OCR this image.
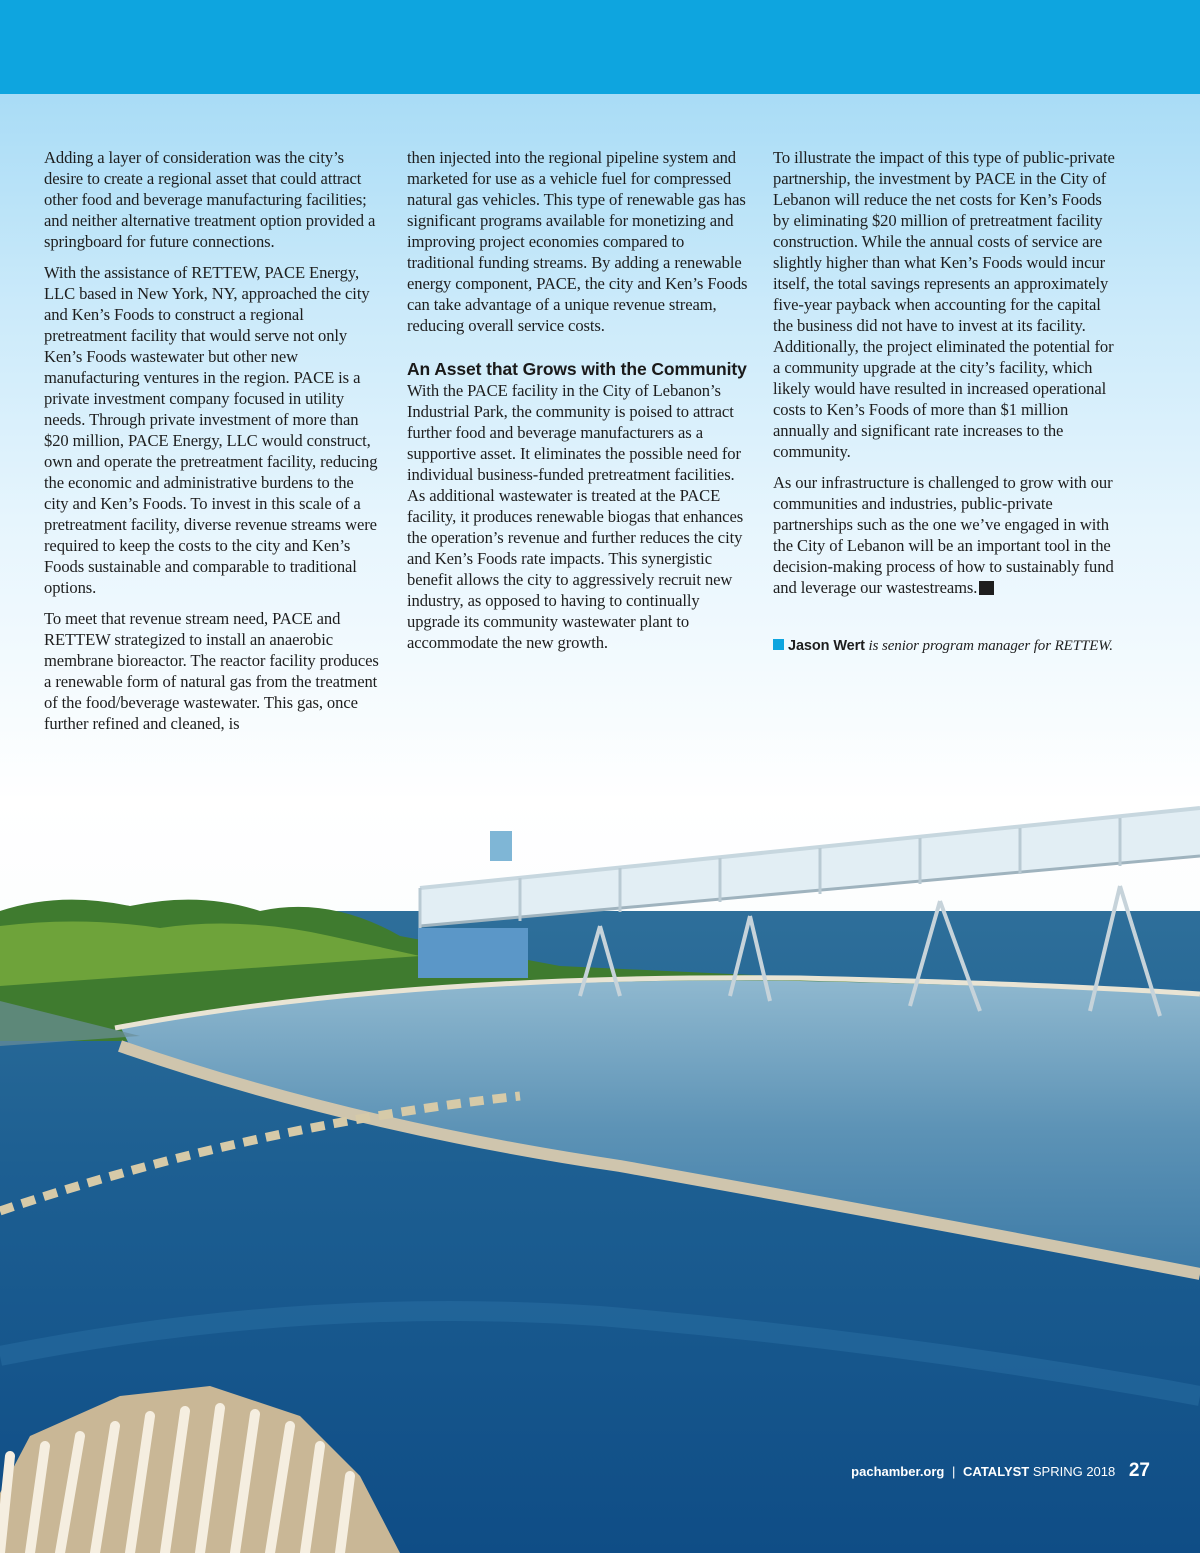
Adding a layer of consideration was the city’s desire to create a regional asset that could attract other food and beverage manufacturing facilities; and neither alternative treatment option provided a springboard for future connections.

With the assistance of RETTEW, PACE Energy, LLC based in New York, NY, approached the city and Ken’s Foods to construct a regional pretreatment facility that would serve not only Ken’s Foods wastewater but other new manufacturing ventures in the region. PACE is a private investment company focused in utility needs. Through private investment of more than $20 million, PACE Energy, LLC would construct, own and operate the pretreatment facility, reducing the economic and administrative burdens to the city and Ken’s Foods. To invest in this scale of a pretreatment facility, diverse revenue streams were required to keep the costs to the city and Ken’s Foods sustainable and comparable to traditional options.

To meet that revenue stream need, PACE and RETTEW strategized to install an anaerobic membrane bioreactor. The reactor facility produces a renewable form of natural gas from the treatment of the food/beverage wastewater. This gas, once further refined and cleaned, is

then injected into the regional pipeline system and marketed for use as a vehicle fuel for compressed natural gas vehicles. This type of renewable gas has significant programs available for monetizing and improving project economies compared to traditional funding streams. By adding a renewable energy component, PACE, the city and Ken’s Foods can take advantage of a unique revenue stream, reducing overall service costs.

An Asset that Grows with the Community

With the PACE facility in the City of Lebanon’s Industrial Park, the community is poised to attract further food and beverage manufacturers as a supportive asset. It eliminates the possible need for individual business-funded pretreatment facilities. As additional wastewater is treated at the PACE facility, it produces renewable biogas that enhances the operation’s revenue and further reduces the city and Ken’s Foods rate impacts. This synergistic benefit allows the city to aggressively recruit new industry, as opposed to having to continually upgrade its community wastewater plant to accommodate the new growth.

To illustrate the impact of this type of public-private partnership, the investment by PACE in the City of Lebanon will reduce the net costs for Ken’s Foods by eliminating $20 million of pretreatment facility construction. While the annual costs of service are slightly higher than what Ken’s Foods would incur itself, the total savings represents an approximately five-year payback when accounting for the capital the business did not have to invest at its facility. Additionally, the project eliminated the potential for a community upgrade at the city’s facility, which likely would have resulted in increased operational costs to Ken’s Foods of more than $1 million annually and significant rate increases to the community.

As our infrastructure is challenged to grow with our communities and industries, public-private partnerships such as the one we’ve engaged in with the City of Lebanon will be an important tool in the decision-making process of how to sustainably fund and leverage our wastestreams.

Jason Wert is senior program manager for RETTEW.
pachamber.org | CATALYST SPRING 2018 27
